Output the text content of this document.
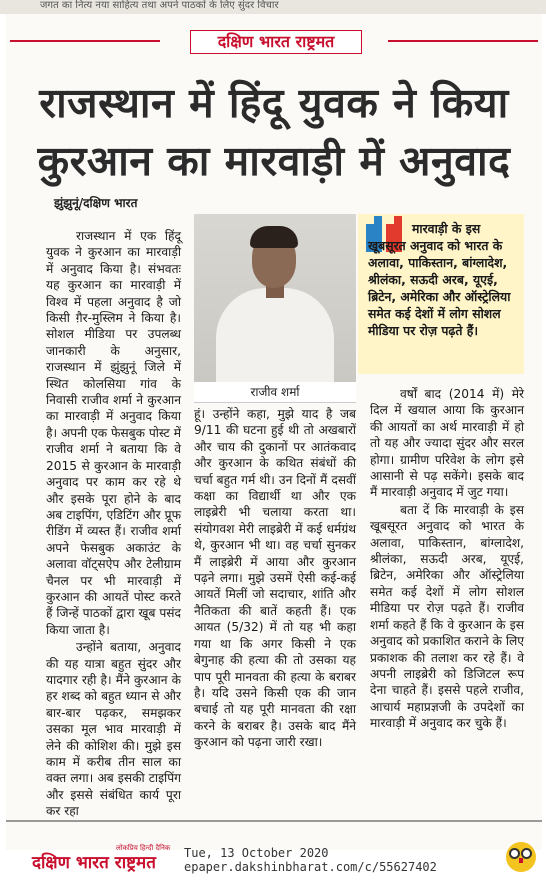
जगत का नित्य नया साहित्य तथा अपने पाठकों के लिए सुंदर विचार
दक्षिण भारत राष्ट्रमत
राजस्थान में हिंदू युवक ने किया
कुरआन का मारवाड़ी में अनुवाद
झुंझुनूं/दक्षिण भारत

राजस्थान में एक हिंदू युवक ने कुरआन का मारवाड़ी में अनुवाद किया है। संभवतः यह कुरआन का मारवाड़ी में विश्व में पहला अनुवाद है जो किसी ग़ैर-मुस्लिम ने किया है। सोशल मीडिया पर उपलब्ध जानकारी के अनुसार, राजस्थान में झुंझुनूं जिले में स्थित कोलसिया गांव के निवासी राजीव शर्मा ने कुरआन का मारवाड़ी में अनुवाद किया है। अपनी एक फेसबुक पोस्ट में राजीव शर्मा ने बताया कि वे 2015 से कुरआन के मारवाड़ी अनुवाद पर काम कर रहे थे और इसके पूरा होने के बाद अब टाइपिंग, एडिटिंग और प्रूफ रीडिंग में व्यस्त हैं। राजीव शर्मा अपने फेसबुक अकाउंट के अलावा वॉट्सऐप और टेलीग्राम चैनल पर भी मारवाड़ी में कुरआन की आयतें पोस्ट करते हैं जिन्हें पाठकों द्वारा खूब पसंद किया जाता है।

उन्होंने बताया, अनुवाद की यह यात्रा बहुत सुंदर और यादगार रही है। मैंने कुरआन के हर शब्द को बहुत ध्यान से और बार-बार पढ़कर, समझकर उसका मूल भाव मारवाड़ी में लेने की कोशिश की। मुझे इस काम में करीब तीन साल का वक्त लगा। अब इसकी टाइपिंग और इससे संबंधित कार्य पूरा कर रहा

राजीव शर्मा
मारवाड़ी के इस खूबसूरत अनुवाद को भारत के अलावा, पाकिस्तान, बांग्लादेश, श्रीलंका, सऊदी अरब, यूएई, ब्रिटेन, अमेरिका और ऑस्ट्रेलिया समेत कई देशों में लोग सोशल मीडिया पर रोज़ पढ़ते हैं।

हूं। उन्होंने कहा, मुझे याद है जब 9/11 की घटना हुई थी तो अखबारों और चाय की दुकानों पर आतंकवाद और कुरआन के कथित संबंधों की चर्चा बहुत गर्म थी। उन दिनों मैं दसवीं कक्षा का विद्यार्थी था और एक लाइब्रेरी भी चलाया करता था। संयोगवश मेरी लाइब्रेरी में कई धर्मग्रंथ थे, कुरआन भी था। वह चर्चा सुनकर मैं लाइब्रेरी में आया और कुरआन पढ़ने लगा। मुझे उसमें ऐसी कई-कई आयतें मिलीं जो सदाचार, शांति और नैतिकता की बातें कहती हैं। एक आयत (5/32) में तो यह भी कहा गया था कि अगर किसी ने एक बेगुनाह की हत्या की तो उसका यह पाप पूरी मानवता की हत्या के बराबर है। यदि उसने किसी एक की जान बचाई तो यह पूरी मानवता की रक्षा करने के बराबर है। उसके बाद मैंने कुरआन को पढ़ना जारी रखा।

वर्षों बाद (2014 में) मेरे दिल में खयाल आया कि कुरआन की आयतों का अर्थ मारवाड़ी में हो तो यह और ज्यादा सुंदर और सरल होगा। ग्रामीण परिवेश के लोग इसे आसानी से पढ़ सकेंगे। इसके बाद मैं मारवाड़ी अनुवाद में जुट गया।

बता दें कि मारवाड़ी के इस खूबसूरत अनुवाद को भारत के अलावा, पाकिस्तान, बांग्लादेश, श्रीलंका, सऊदी अरब, यूएई, ब्रिटेन, अमेरिका और ऑस्ट्रेलिया समेत कई देशों में लोग सोशल मीडिया पर रोज़ पढ़ते हैं। राजीव शर्मा कहते हैं कि वे कुरआन के इस अनुवाद को प्रकाशित कराने के लिए प्रकाशक की तलाश कर रहे हैं। वे अपनी लाइब्रेरी को डिजिटल रूप देना चाहते हैं। इससे पहले राजीव, आचार्य महाप्रज्ञजी के उपदेशों का मारवाड़ी में अनुवाद कर चुके हैं।

दक्षिण भारत राष्ट्रमत
लोकप्रिय हिन्दी दैनिक Tue, 13 October 2020
epaper.dakshinbharat.com/c/55627402
